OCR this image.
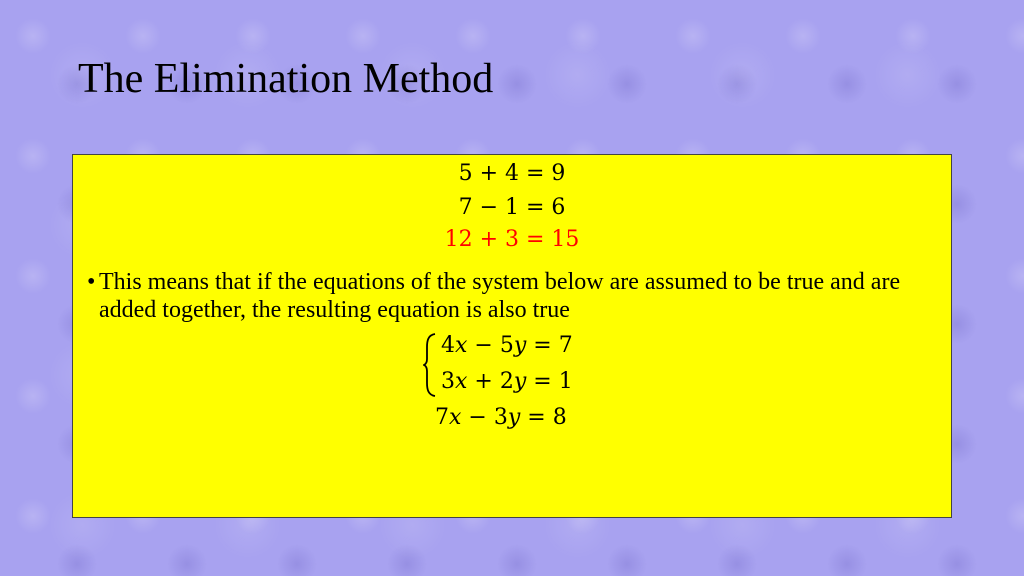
The Elimination Method
5 + 4 = 9
7 − 1 = 6
12 + 3 = 15
• This means that if the equations of the system below are assumed to be true and are added together, the resulting equation is also true
4x − 5y = 7
3x + 2y = 1
7x − 3y = 8
